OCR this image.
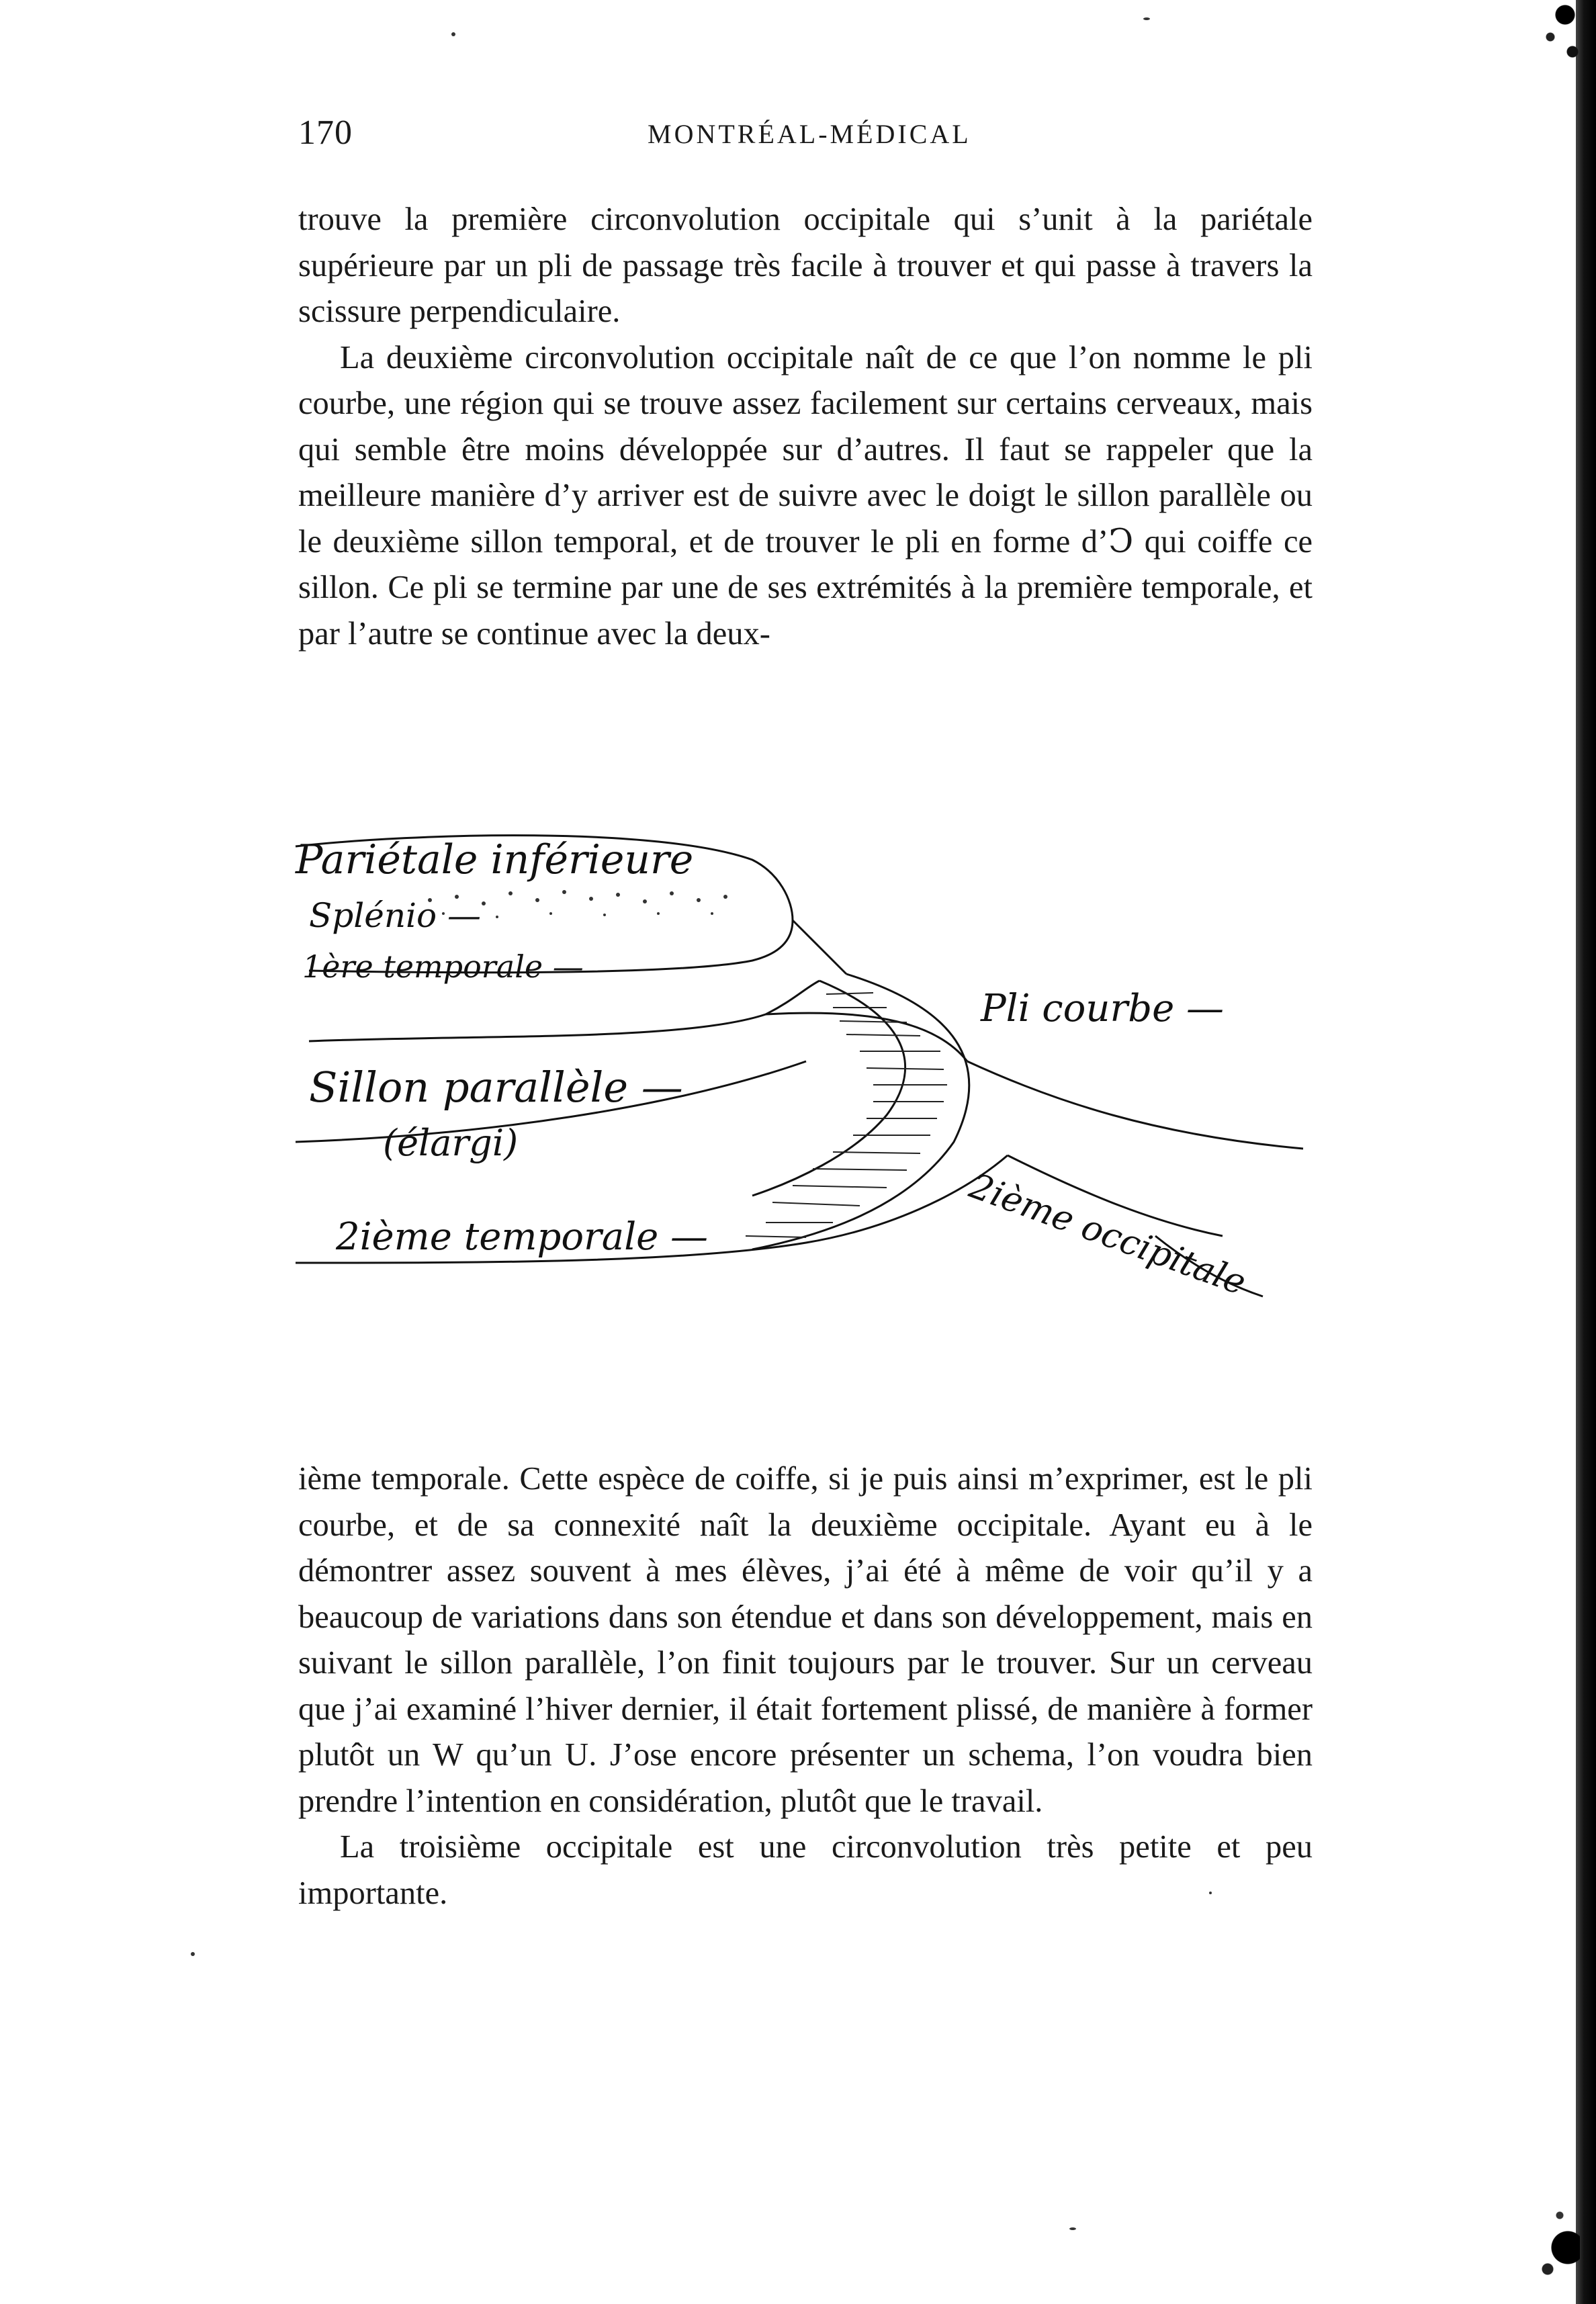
170	MONTRÉAL-MÉDICAL

trouve la première circonvolution occipitale qui s’unit à la pariétale supérieure par un pli de passage très facile à trouver et qui passe à travers la scissure perpendiculaire.

La deuxième circonvolution occipitale naît de ce que l’on nomme le pli courbe, une région qui se trouve assez facilement sur certains cerveaux, mais qui semble être moins développée sur d’autres. Il faut se rappeler que la meilleure manière d’y arriver est de suivre avec le doigt le sillon parallèle ou le deuxième sillon temporal, et de trouver le pli en forme d’Ↄ qui coiffe ce sillon. Ce pli se termine par une de ses extrémités à la première temporale, et par l’autre se continue avec la deux-

Pariétale inférieure
Splénio —
1ère temporale —
Sillon parallèle —
(élargi)
2ième temporale —
Pli courbe —
2ième occipitale

ième temporale. Cette espèce de coiffe, si je puis ainsi m’exprimer, est le pli courbe, et de sa connexité naît la deuxième occipitale. Ayant eu à le démontrer assez souvent à mes élèves, j’ai été à même de voir qu’il y a beaucoup de variations dans son étendue et dans son développement, mais en suivant le sillon parallèle, l’on finit toujours par le trouver. Sur un cerveau que j’ai examiné l’hiver dernier, il était fortement plissé, de manière à former plutôt un W qu’un U. J’ose encore présenter un schema, l’on voudra bien prendre l’intention en considération, plutôt que le travail.

La troisième occipitale est une circonvolution très petite et peu importante.
